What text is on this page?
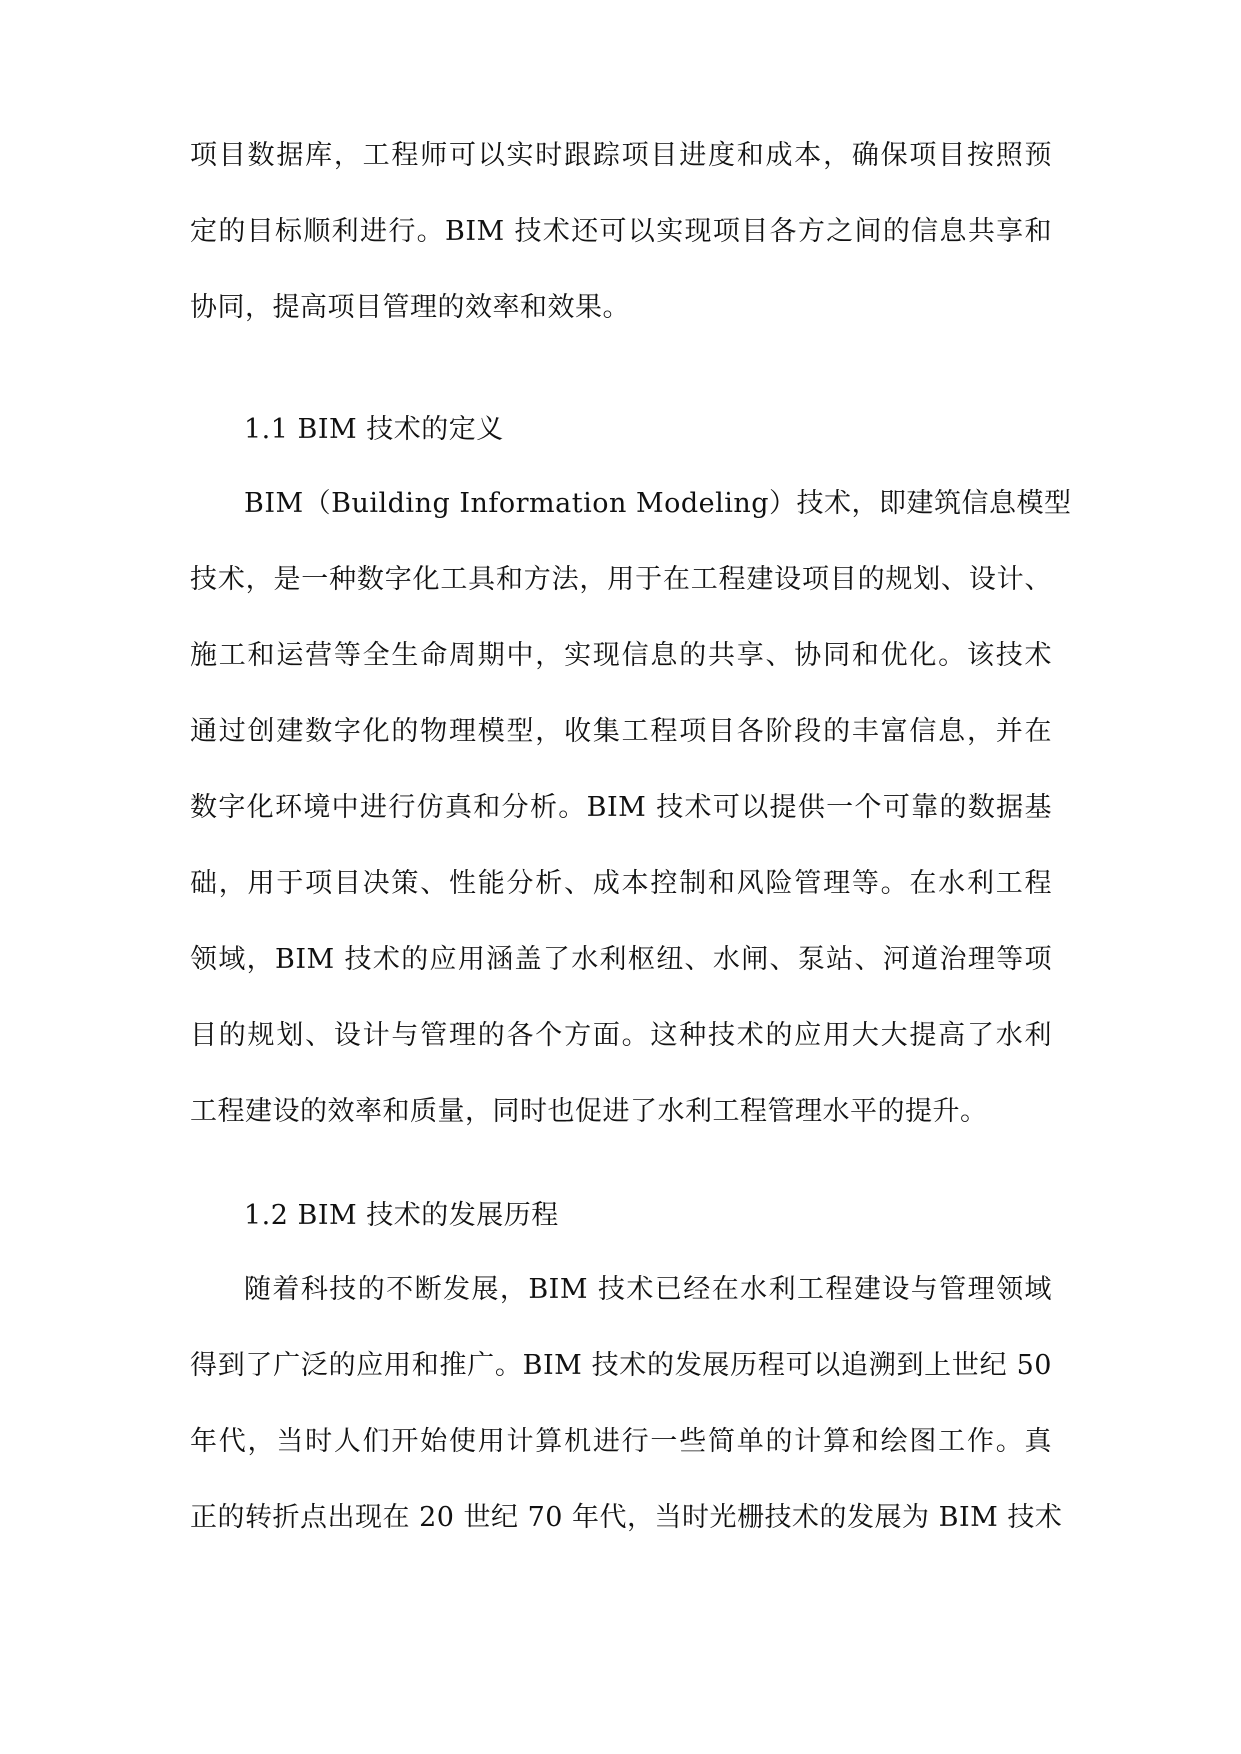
项目数据库，工程师可以实时跟踪项目进度和成本，确保项目按照预
定的目标顺利进行。BIM 技术还可以实现项目各方之间的信息共享和
协同，提高项目管理的效率和效果。
1.1 BIM 技术的定义
BIM（Building Information Modeling）技术，即建筑信息模型
技术，是一种数字化工具和方法，用于在工程建设项目的规划、设计、
施工和运营等全生命周期中，实现信息的共享、协同和优化。该技术
通过创建数字化的物理模型，收集工程项目各阶段的丰富信息，并在
数字化环境中进行仿真和分析。BIM 技术可以提供一个可靠的数据基
础，用于项目决策、性能分析、成本控制和风险管理等。在水利工程
领域，BIM 技术的应用涵盖了水利枢纽、水闸、泵站、河道治理等项
目的规划、设计与管理的各个方面。这种技术的应用大大提高了水利
工程建设的效率和质量，同时也促进了水利工程管理水平的提升。
1.2 BIM 技术的发展历程
随着科技的不断发展，BIM 技术已经在水利工程建设与管理领域
得到了广泛的应用和推广。BIM 技术的发展历程可以追溯到上世纪 50
年代，当时人们开始使用计算机进行一些简单的计算和绘图工作。真
正的转折点出现在 20 世纪 70 年代，当时光栅技术的发展为 BIM 技术
